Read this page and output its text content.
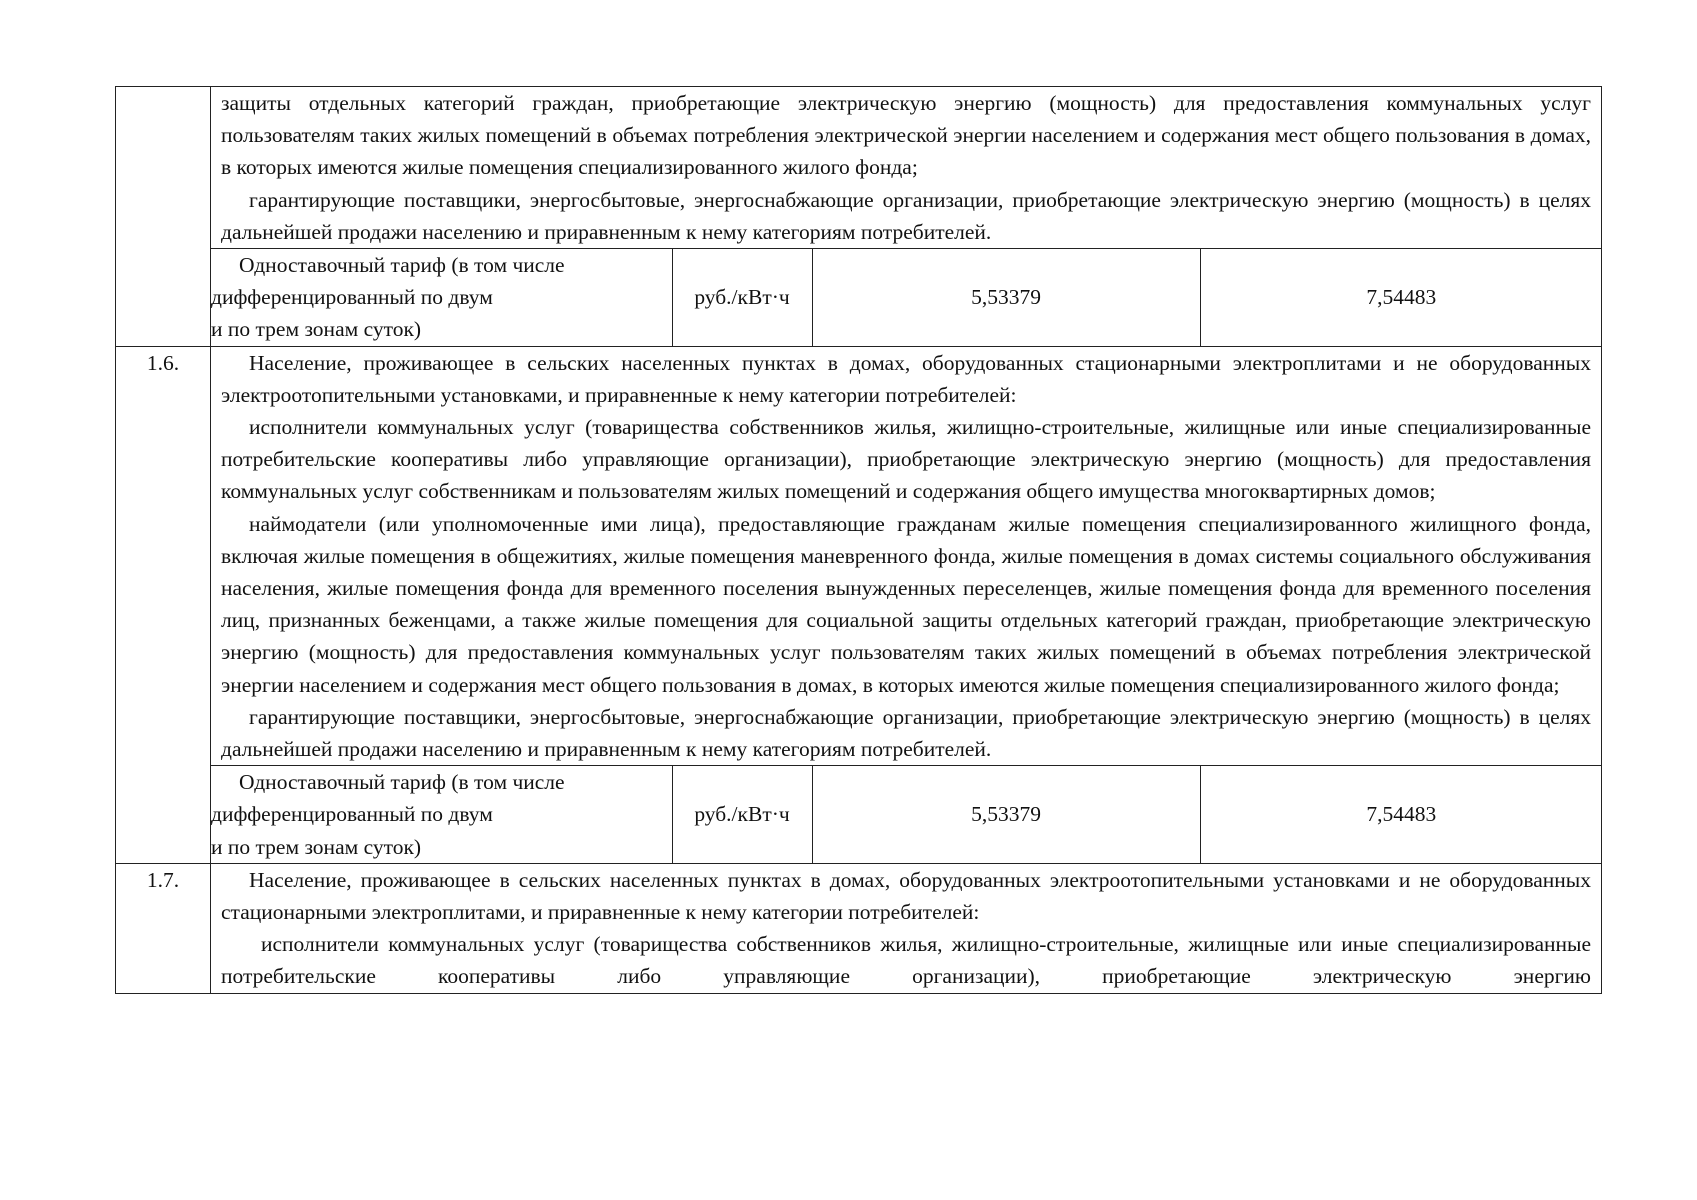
защиты отдельных категорий граждан, приобретающие электрическую энергию (мощность) для предоставления коммунальных услуг пользователям таких жилых помещений в объемах потребления электрической энергии населением и содержания мест общего пользования в домах, в которых имеются жилые помещения специализированного жилого фонда;

гарантирующие поставщики, энергосбытовые, энергоснабжающие организации, приобретающие электрическую энергию (мощность) в целях дальнейшей продажи населению и приравненным к нему категориям потребителей.

Одноставочный тариф (в том числе
дифференцированный по двум
и по трем зонам суток)
	руб./кВт·ч	5,53379	7,54483

1.6.	Население, проживающее в сельских населенных пунктах в домах, оборудованных стационарными электроплитами и не оборудованных электроотопительными установками, и приравненные к нему категории потребителей:

исполнители коммунальных услуг (товарищества собственников жилья, жилищно-строительные, жилищные или иные специализированные потребительские кооперативы либо управляющие организации), приобретающие электрическую энергию (мощность) для предоставления коммунальных услуг собственникам и пользователям жилых помещений и содержания общего имущества многоквартирных домов;

наймодатели (или уполномоченные ими лица), предоставляющие гражданам жилые помещения специализированного жилищного фонда, включая жилые помещения в общежитиях, жилые помещения маневренного фонда, жилые помещения в домах системы социального обслуживания населения, жилые помещения фонда для временного поселения вынужденных переселенцев, жилые помещения фонда для временного поселения лиц, признанных беженцами, а также жилые помещения для социальной защиты отдельных категорий граждан, приобретающие электрическую энергию (мощность) для предоставления коммунальных услуг пользователям таких жилых помещений в объемах потребления электрической энергии населением и содержания мест общего пользования в домах, в которых имеются жилые помещения специализированного жилого фонда;

гарантирующие поставщики, энергосбытовые, энергоснабжающие организации, приобретающие электрическую энергию (мощность) в целях дальнейшей продажи населению и приравненным к нему категориям потребителей.

Одноставочный тариф (в том числе
дифференцированный по двум
и по трем зонам суток)
	руб./кВт·ч	5,53379	7,54483

1.7.	Население, проживающее в сельских населенных пунктах в домах, оборудованных электроотопительными установками и не оборудованных стационарными электроплитами, и приравненные к нему категории потребителей:

исполнители коммунальных услуг (товарищества собственников жилья, жилищно-строительные, жилищные или иные специализированные потребительские кооперативы либо управляющие организации), приобретающие электрическую энергию
